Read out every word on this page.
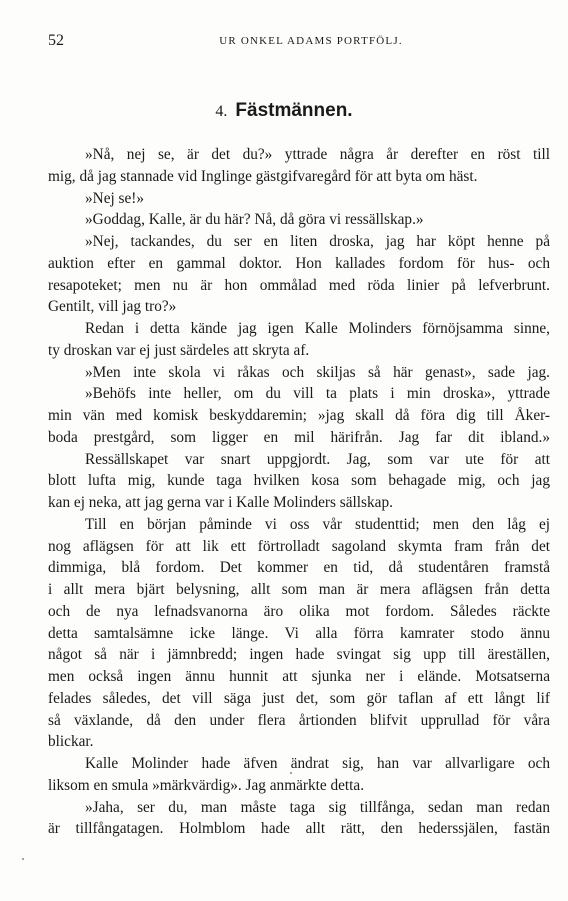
52	UR ONKEL ADAMS PORTFÖLJ.
4. Fästmännen.
»Nå, nej se, är det du?» yttrade några år derefter en röst till
mig, då jag stannade vid Inglinge gästgifvaregård för att byta om häst.
»Nej se!»
»Goddag, Kalle, är du här? Nå, då göra vi ressällskap.»
»Nej, tackandes, du ser en liten droska, jag har köpt henne på
auktion efter en gammal doktor. Hon kallades fordom för hus- och
resapoteket; men nu är hon ommålad med röda linier på lefverbrunt.
Gentilt, vill jag tro?»
Redan i detta kände jag igen Kalle Molinders förnöjsamma sinne,
ty droskan var ej just särdeles att skryta af.
»Men inte skola vi råkas och skiljas så här genast», sade jag.
»Behöfs inte heller, om du vill ta plats i min droska», yttrade
min vän med komisk beskyddaremin; »jag skall då föra dig till Åker-
boda prestgård, som ligger en mil härifrån. Jag far dit ibland.»
Ressällskapet var snart uppgjordt. Jag, som var ute för att
blott lufta mig, kunde taga hvilken kosa som behagade mig, och jag
kan ej neka, att jag gerna var i Kalle Molinders sällskap.
Till en början påminde vi oss vår studenttid; men den låg ej
nog aflägsen för att lik ett förtrolladt sagoland skymta fram från det
dimmiga, blå fordom. Det kommer en tid, då studentåren framstå
i allt mera bjärt belysning, allt som man är mera aflägsen från detta
och de nya lefnadsvanorna äro olika mot fordom. Således räckte
detta samtalsämne icke länge. Vi alla förra kamrater stodo ännu
något så när i jämnbredd; ingen hade svingat sig upp till äreställen,
men också ingen ännu hunnit att sjunka ner i elände. Motsatserna
felades således, det vill säga just det, som gör taflan af ett långt lif
så växlande, då den under flera årtionden blifvit upprullad för våra
blickar.
Kalle Molinder hade äfven ändrat sig, han var allvarligare och
liksom en smula »märkvärdig». Jag anmärkte detta.
»Jaha, ser du, man måste taga sig tillfånga, sedan man redan
är tillfångatagen. Holmblom hade allt rätt, den hederssjälen, fastän
